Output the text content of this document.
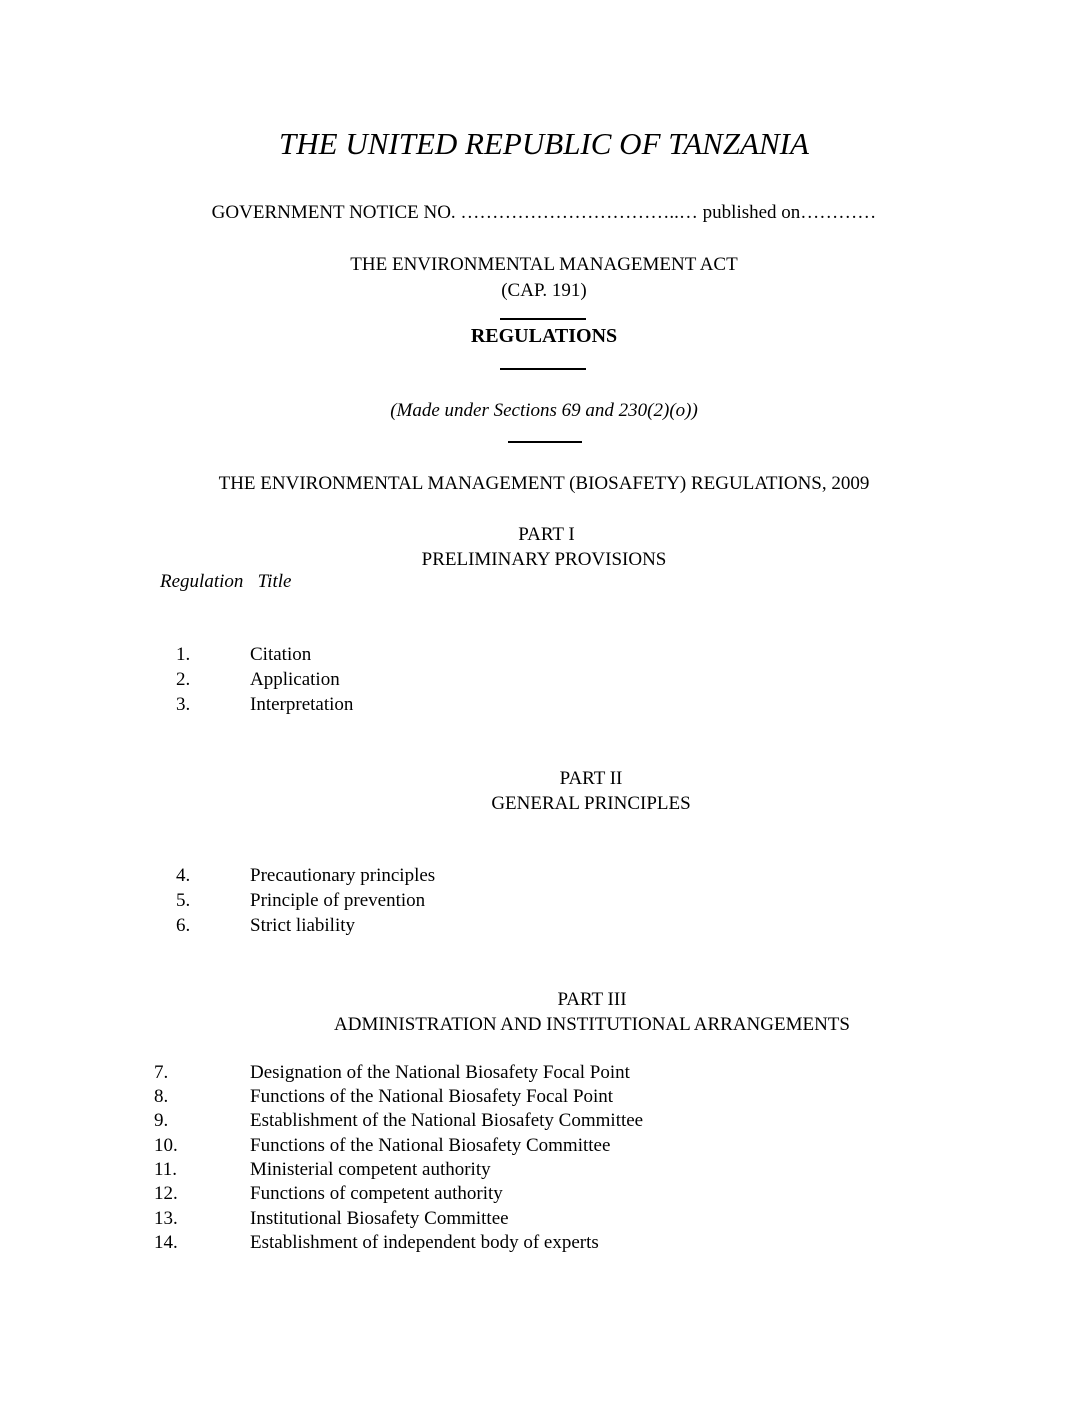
THE UNITED REPUBLIC OF TANZANIA
GOVERNMENT NOTICE NO. ……………………………..… published on…………
THE ENVIRONMENTAL MANAGEMENT ACT
(CAP. 191)
REGULATIONS
(Made under Sections 69 and 230(2)(o))
THE ENVIRONMENTAL MANAGEMENT (BIOSAFETY) REGULATIONS, 2009
PART I
PRELIMINARY PROVISIONS
Regulation Title
1.	Citation
2.	Application
3.	Interpretation
PART II
GENERAL PRINCIPLES
4.	Precautionary principles
5.	Principle of prevention
6.	Strict liability
PART III
ADMINISTRATION AND INSTITUTIONAL ARRANGEMENTS
7.	Designation of the National Biosafety Focal Point
8.	Functions of the National Biosafety Focal Point
9.	Establishment of the National Biosafety Committee
10.	Functions of the National Biosafety Committee
11.	Ministerial competent authority
12.	Functions of competent authority
13.	Institutional Biosafety Committee
14.	Establishment of independent body of experts
